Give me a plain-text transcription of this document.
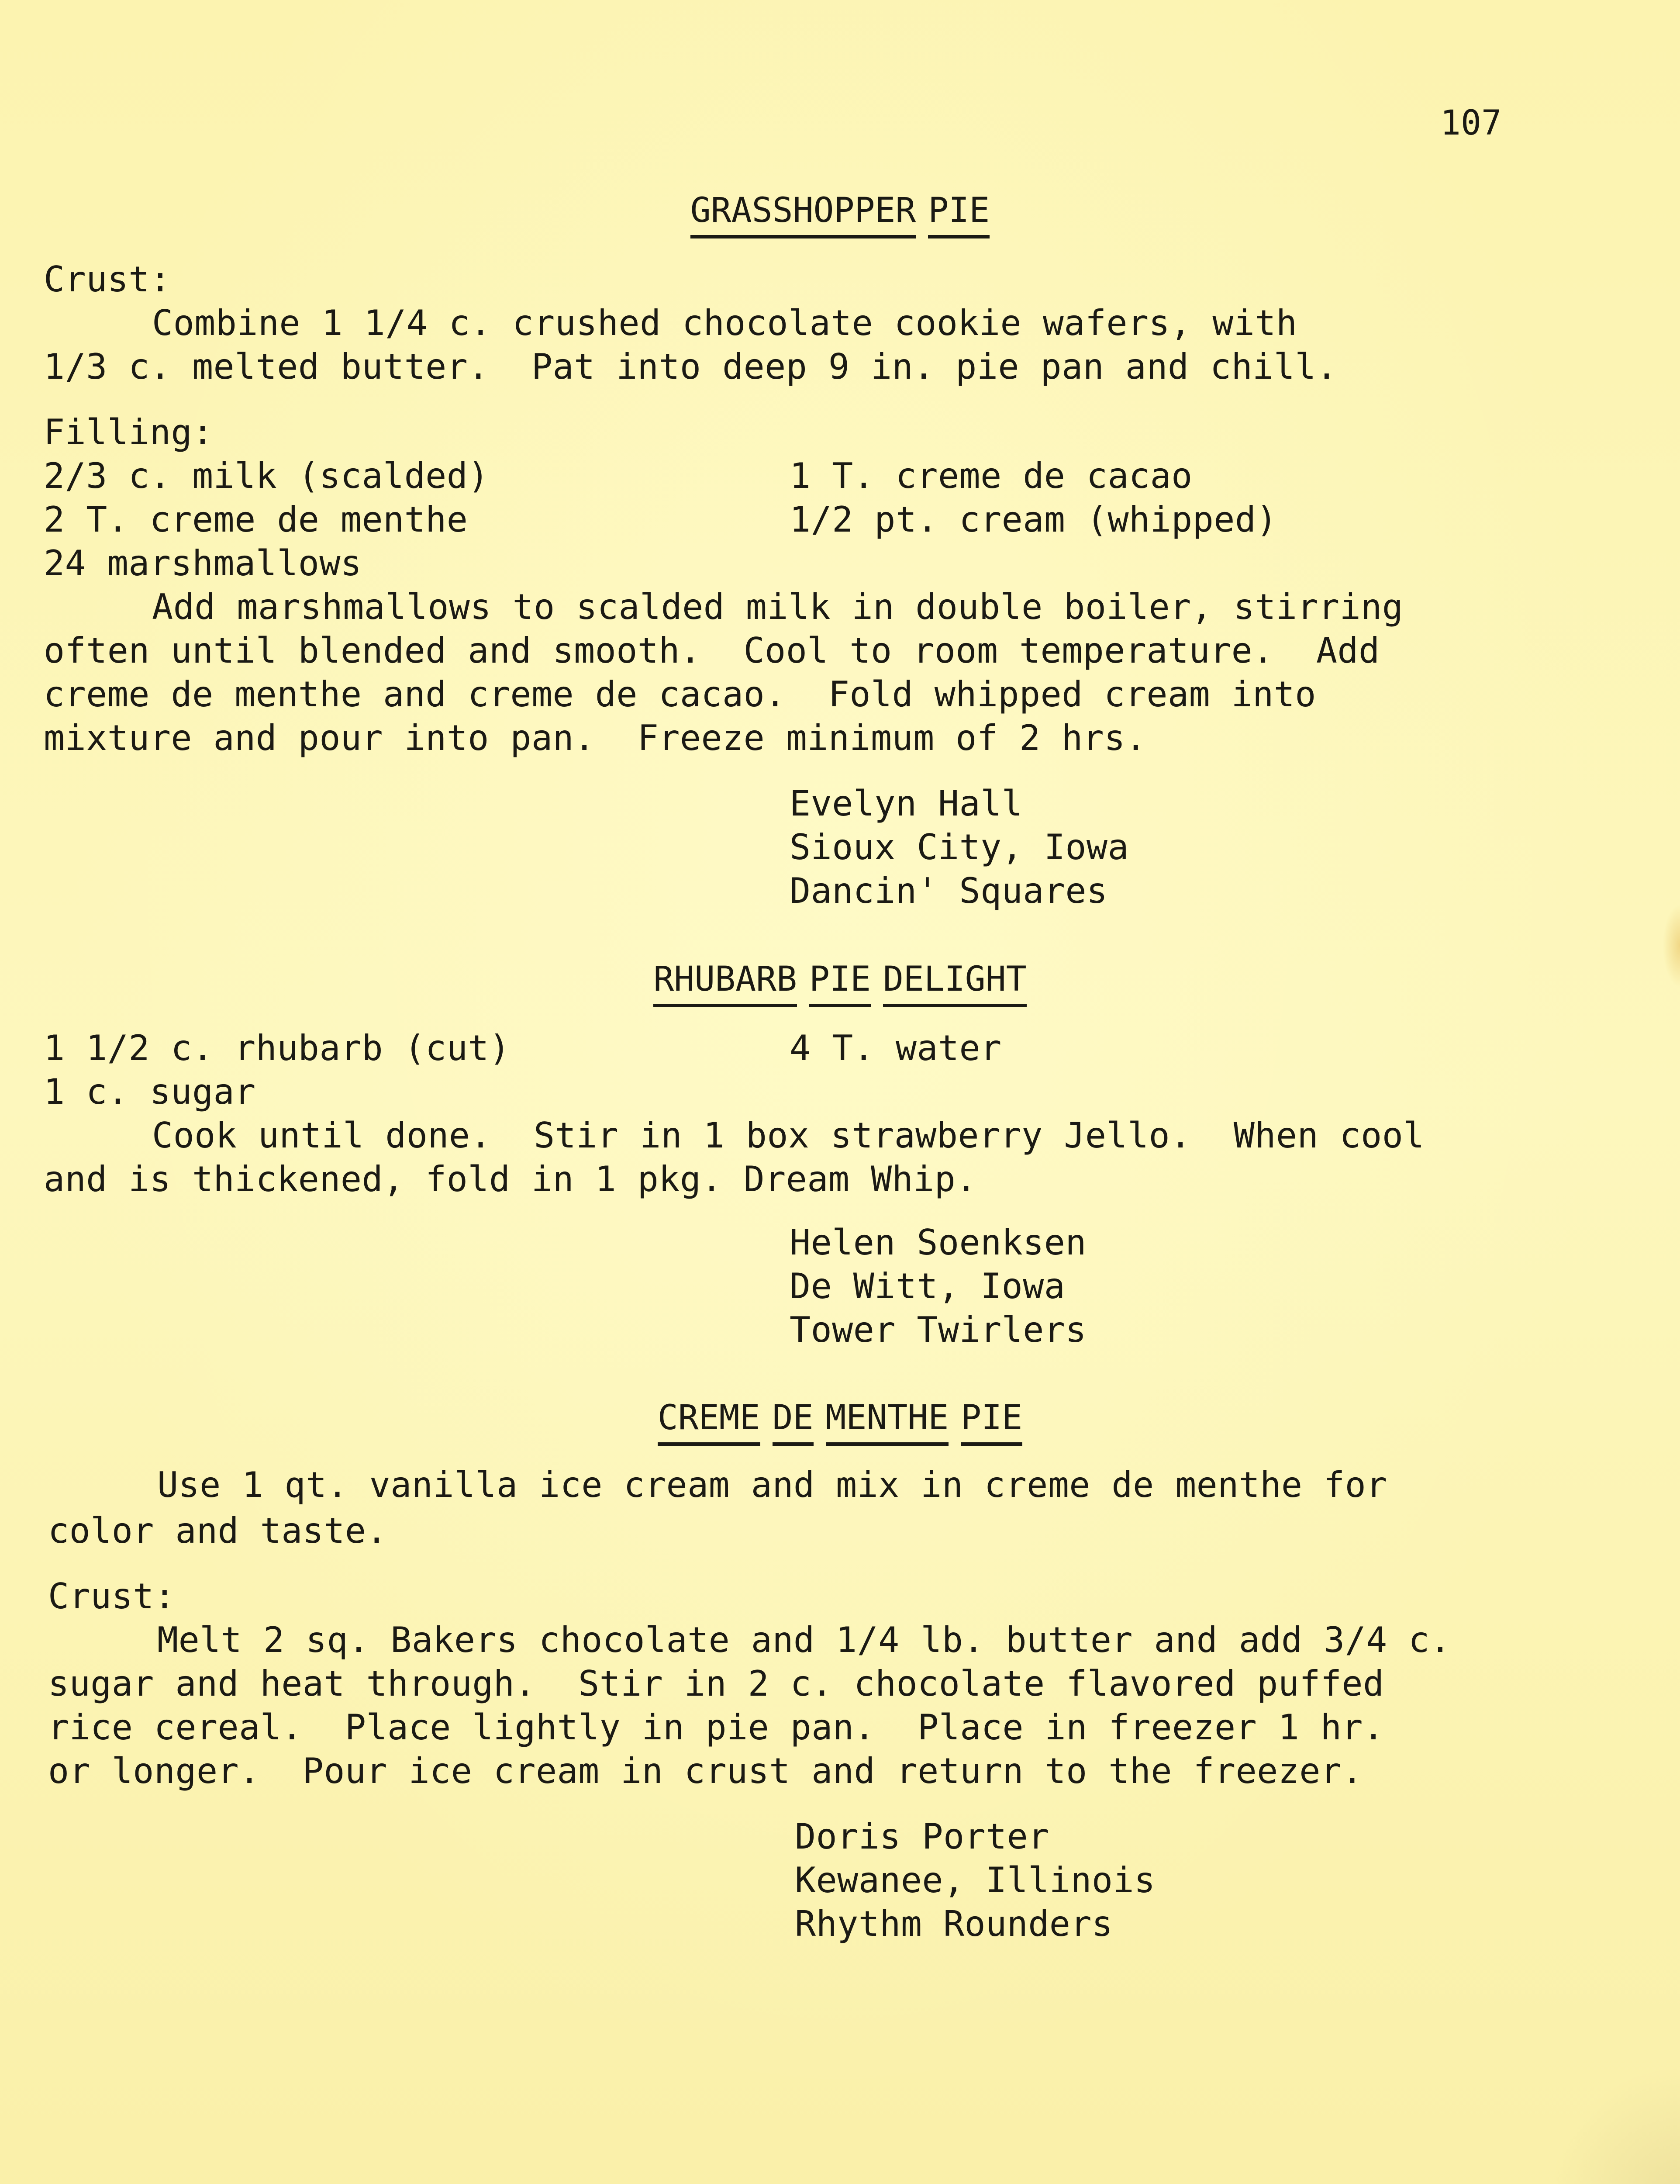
107
GRASSHOPPER PIE
Crust:
Combine 1 1/4 c. crushed chocolate cookie wafers, with
1/3 c. melted butter.  Pat into deep 9 in. pie pan and chill.
Filling:
2/3 c. milk (scalded)
2 T. creme de menthe
24 marshmallows
1 T. creme de cacao
1/2 pt. cream (whipped)
Add marshmallows to scalded milk in double boiler, stirring
often until blended and smooth.  Cool to room temperature.  Add
creme de menthe and creme de cacao.  Fold whipped cream into
mixture and pour into pan.  Freeze minimum of 2 hrs.
Evelyn Hall
Sioux City, Iowa
Dancin' Squares
RHUBARB PIE DELIGHT
1 1/2 c. rhubarb (cut)
1 c. sugar
4 T. water
Cook until done.  Stir in 1 box strawberry Jello.  When cool
and is thickened, fold in 1 pkg. Dream Whip.
Helen Soenksen
De Witt, Iowa
Tower Twirlers
CREME DE MENTHE PIE
Use 1 qt. vanilla ice cream and mix in creme de menthe for
color and taste.
Crust:
Melt 2 sq. Bakers chocolate and 1/4 lb. butter and add 3/4 c.
sugar and heat through.  Stir in 2 c. chocolate flavored puffed
rice cereal.  Place lightly in pie pan.  Place in freezer 1 hr.
or longer.  Pour ice cream in crust and return to the freezer.
Doris Porter
Kewanee, Illinois
Rhythm Rounders
